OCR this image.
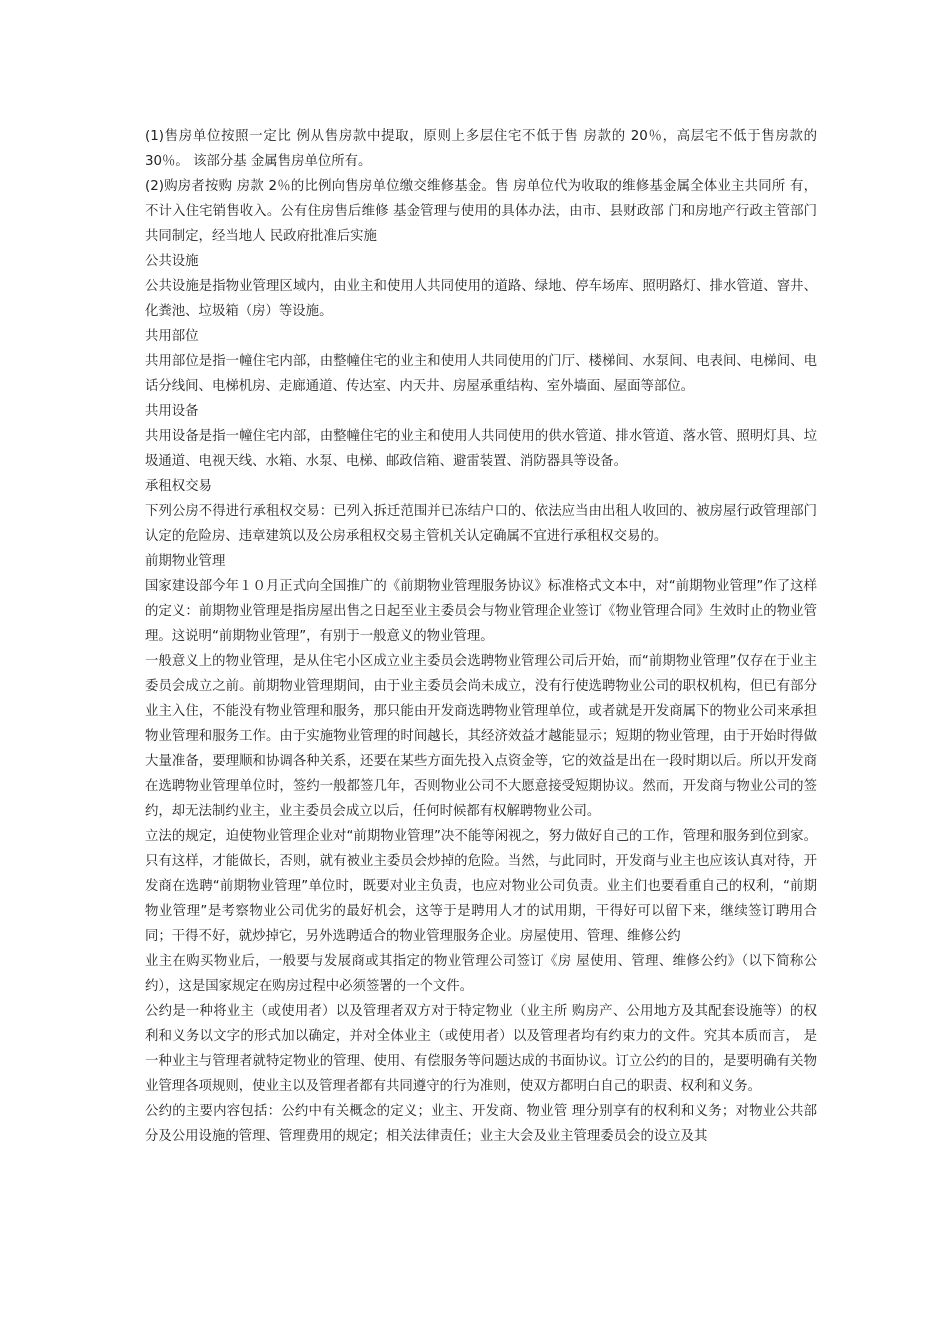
(1)售房单位按照一定比 例从售房款中提取，原则上多层住宅不低于售 房款的 20％，高层宅不低于售房款的 30％。 该部分基 金属售房单位所有。

(2)购房者按购 房款 2％的比例向售房单位缴交维修基金。售 房单位代为收取的维修基金属全体业主共同所 有，不计入住宅销售收入。公有住房售后维修 基金管理与使用的具体办法，由市、县财政部 门和房地产行政主管部门共同制定，经当地人 民政府批准后实施

公共设施

公共设施是指物业管理区域内，由业主和使用人共同使用的道路、绿地、停车场库、照明路灯、排水管道、窨井、化粪池、垃圾箱（房）等设施。

共用部位

共用部位是指一幢住宅内部，由整幢住宅的业主和使用人共同使用的门厅、楼梯间、水泵间、电表间、电梯间、电话分线间、电梯机房、走廊通道、传达室、内天井、房屋承重结构、室外墙面、屋面等部位。

共用设备

共用设备是指一幢住宅内部，由整幢住宅的业主和使用人共同使用的供水管道、排水管道、落水管、照明灯具、垃圾通道、电视天线、水箱、水泵、电梯、邮政信箱、避雷装置、消防器具等设备。

承租权交易

下列公房不得进行承租权交易：已列入拆迁范围并已冻结户口的、依法应当由出租人收回的、被房屋行政管理部门认定的危险房、违章建筑以及公房承租权交易主管机关认定确属不宜进行承租权交易的。

前期物业管理

国家建设部今年１０月正式向全国推广的《前期物业管理服务协议》标准格式文本中，对“前期物业管理”作了这样的定义：前期物业管理是指房屋出售之日起至业主委员会与物业管理企业签订《物业管理合同》生效时止的物业管理。这说明“前期物业管理”，有别于一般意义的物业管理。

一般意义上的物业管理，是从住宅小区成立业主委员会选聘物业管理公司后开始，而“前期物业管理”仅存在于业主委员会成立之前。前期物业管理期间，由于业主委员会尚未成立，没有行使选聘物业公司的职权机构，但已有部分业主入住，不能没有物业管理和服务，那只能由开发商选聘物业管理单位，或者就是开发商属下的物业公司来承担物业管理和服务工作。由于实施物业管理的时间越长，其经济效益才越能显示；短期的物业管理，由于开始时得做大量准备，要理顺和协调各种关系，还要在某些方面先投入点资金等，它的效益是出在一段时期以后。所以开发商在选聘物业管理单位时，签约一般都签几年，否则物业公司不大愿意接受短期协议。然而，开发商与物业公司的签约，却无法制约业主，业主委员会成立以后，任何时候都有权解聘物业公司。

立法的规定，迫使物业管理企业对“前期物业管理”决不能等闲视之，努力做好自己的工作，管理和服务到位到家。只有这样，才能做长，否则，就有被业主委员会炒掉的危险。当然，与此同时，开发商与业主也应该认真对待，开发商在选聘“前期物业管理”单位时，既要对业主负责，也应对物业公司负责。业主们也要看重自己的权利，“前期物业管理”是考察物业公司优劣的最好机会，这等于是聘用人才的试用期，干得好可以留下来，继续签订聘用合同；干得不好，就炒掉它，另外选聘适合的物业管理服务企业。房屋使用、管理、维修公约

业主在购买物业后，一般要与发展商或其指定的物业管理公司签订《房 屋使用、管理、维修公约》（以下简称公约），这是国家规定在购房过程中必须签署的一个文件。

公约是一种将业主（或使用者）以及管理者双方对于特定物业（业主所 购房产、公用地方及其配套设施等）的权利和义务以文字的形式加以确定，并对全体业主（或使用者）以及管理者均有约束力的文件。究其本质而言， 是一种业主与管理者就特定物业的管理、使用、有偿服务等问题达成的书面协议。订立公约的目的，是要明确有关物业管理各项规则，使业主以及管理者都有共同遵守的行为准则，使双方都明白自己的职责、权利和义务。

公约的主要内容包括：公约中有关概念的定义；业主、开发商、物业管 理分别享有的权利和义务；对物业公共部分及公用设施的管理、管理费用的规定；相关法律责任；业主大会及业主管理委员会的设立及其
